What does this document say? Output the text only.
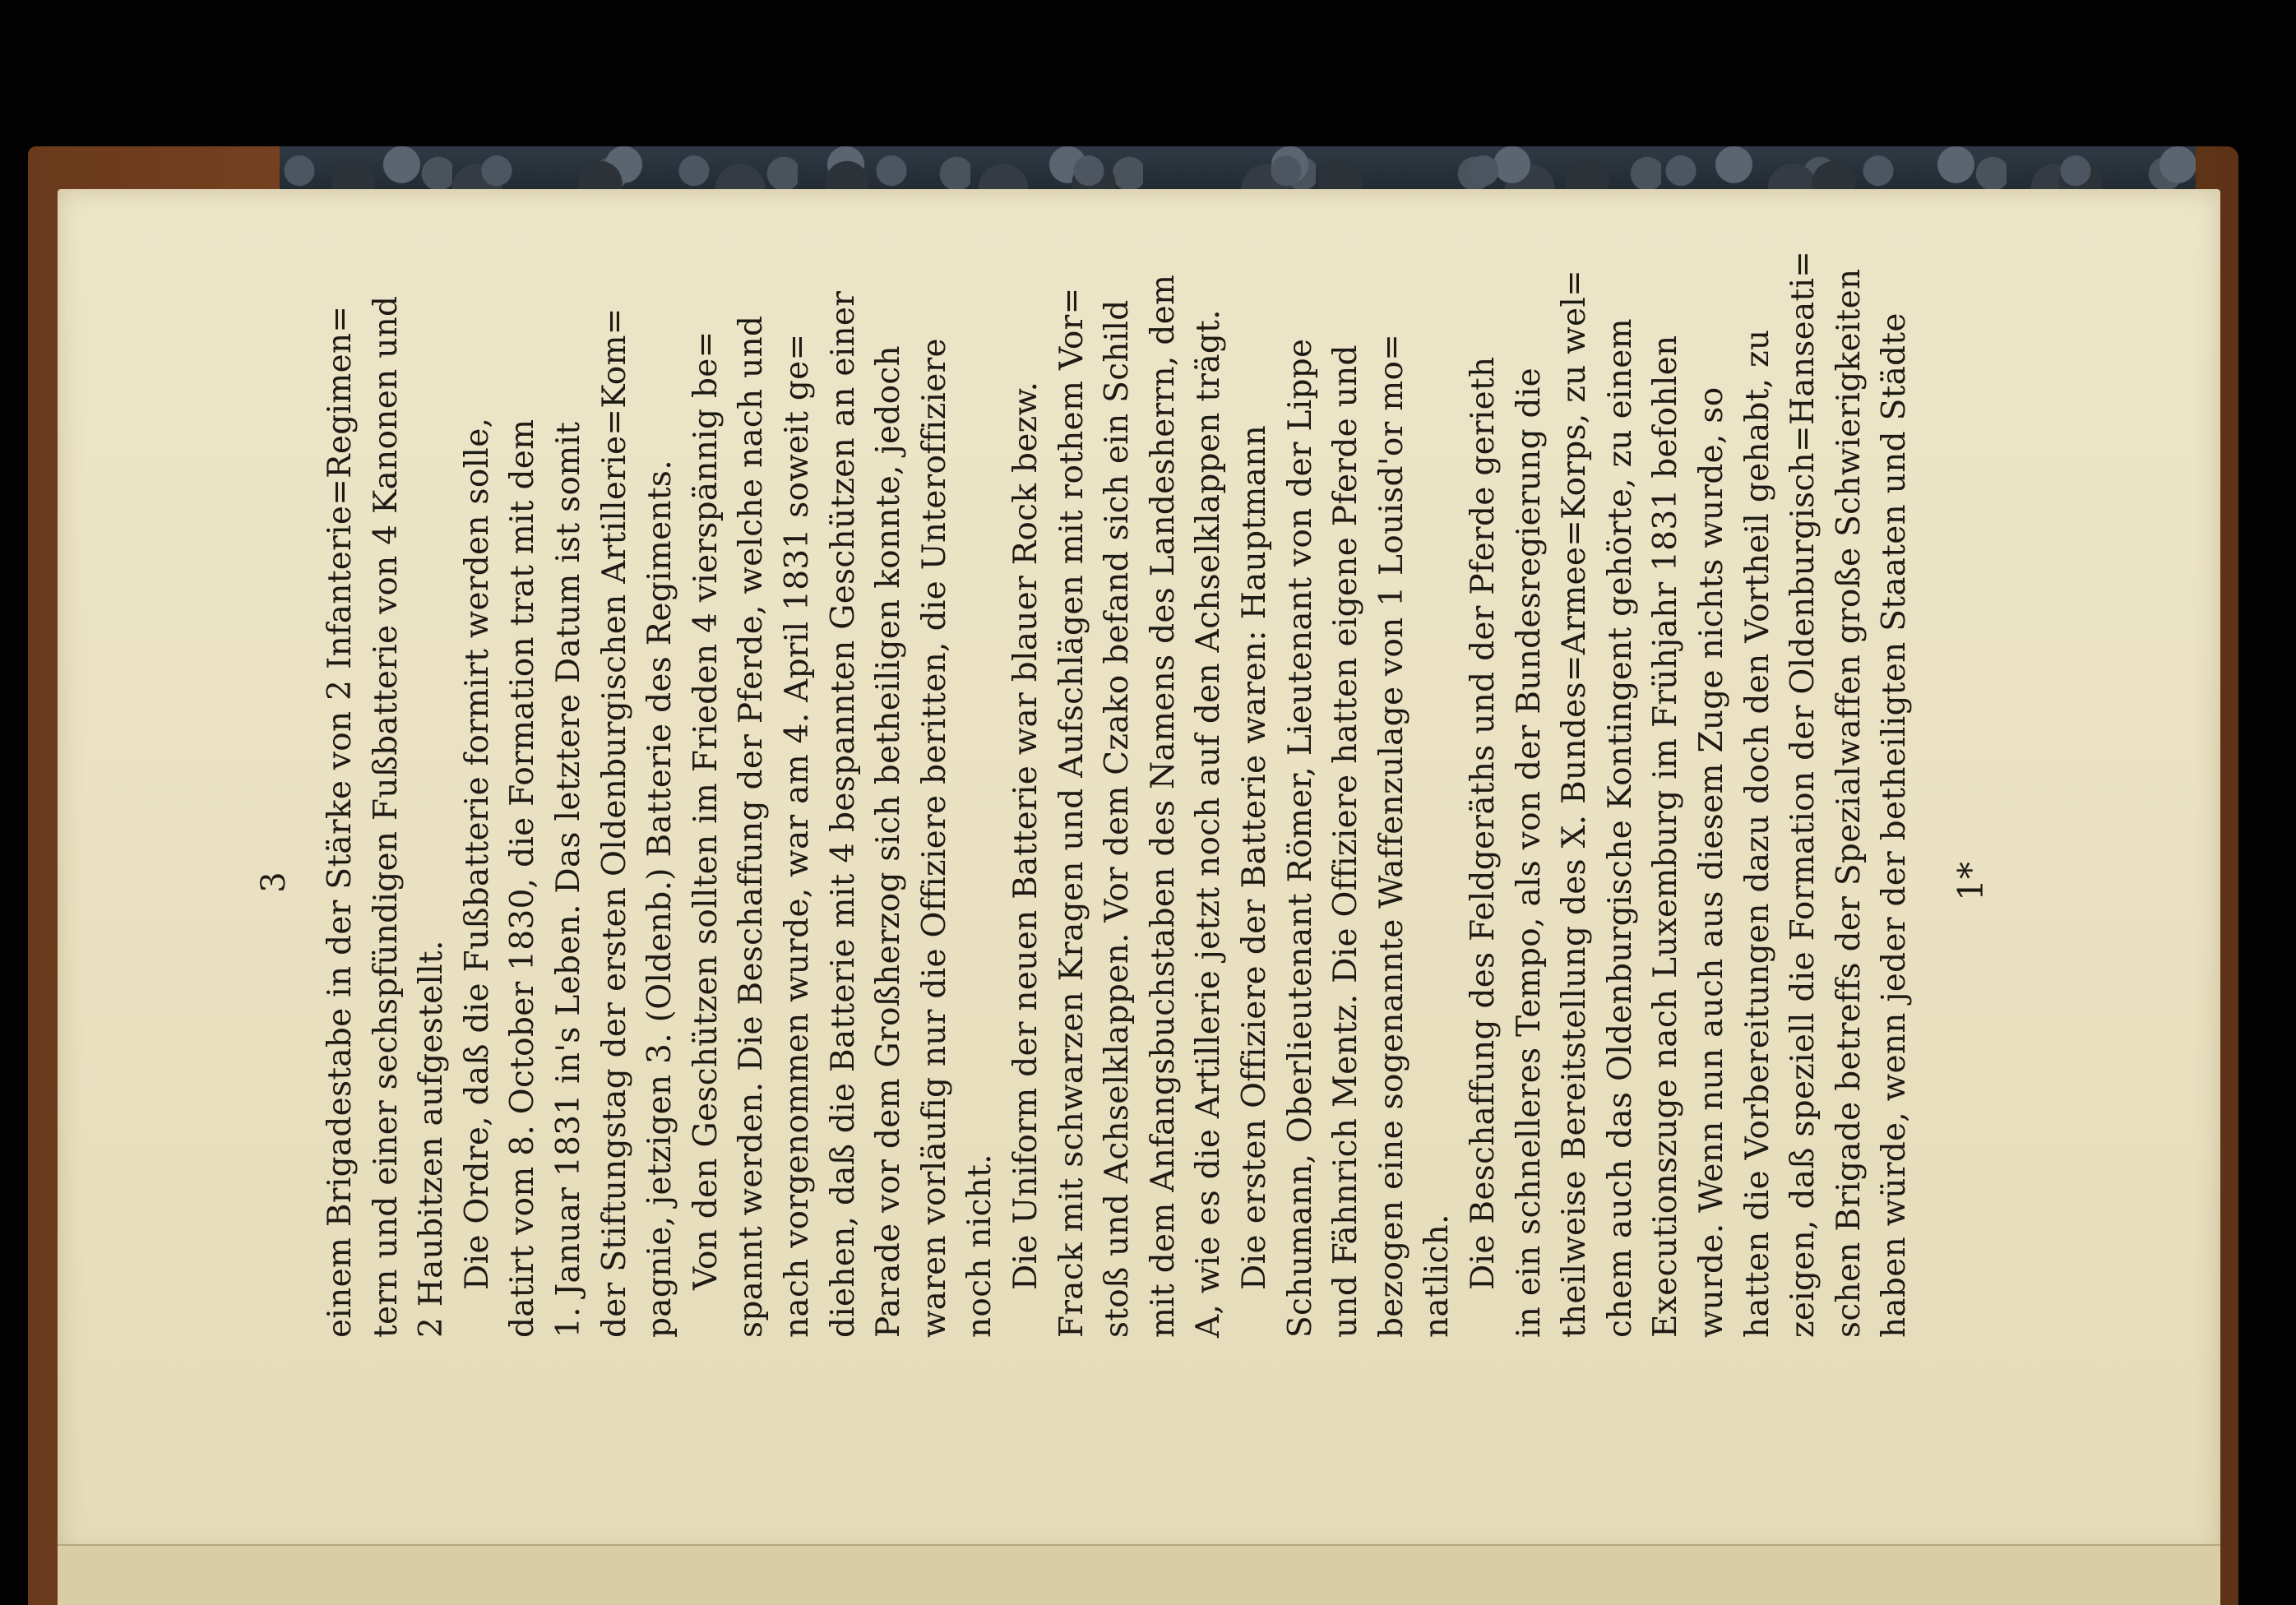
3 einem Brigadestabe in der Stärke von 2 Infanterie=Regimen= tern und einer sechspfündigen Fußbatterie von 4 Kanonen und 2 Haubitzen aufgestellt. Die Ordre, daß die Fußbatterie formirt werden solle, datirt vom 8. October 1830, die Formation trat mit dem 1. Januar 1831 in's Leben. Das letztere Datum ist somit der Stiftungstag der ersten Oldenburgischen Artillerie=Kom= pagnie, jetzigen 3. (Oldenb.) Batterie des Regiments. Von den Geschützen sollten im Frieden 4 vierspännig be= spannt werden. Die Beschaffung der Pferde, welche nach und nach vorgenommen wurde, war am 4. April 1831 soweit ge= diehen, daß die Batterie mit 4 bespannten Geschützen an einer Parade vor dem Großherzog sich betheiligen konnte, jedoch waren vorläufig nur die Offiziere beritten, die Unteroffiziere noch nicht. Die Uniform der neuen Batterie war blauer Rock bezw. Frack mit schwarzen Kragen und Aufschlägen mit rothem Vor= stoß und Achselklappen. Vor dem Czako befand sich ein Schild mit dem Anfangsbuchstaben des Namens des Landesherrn, dem A, wie es die Artillerie jetzt noch auf den Achselklappen trägt. Die ersten Offiziere der Batterie waren: Hauptmann Schumann, Oberlieutenant Römer, Lieutenant von der Lippe und Fähnrich Mentz. Die Offiziere hatten eigene Pferde und bezogen eine sogenannte Waffenzulage von 1 Louisd'or mo= natlich. Die Beschaffung des Feldgeräths und der Pferde gerieth in ein schnelleres Tempo, als von der Bundesregierung die theilweise Bereitstellung des X. Bundes=Armee=Korps, zu wel= chem auch das Oldenburgische Kontingent gehörte, zu einem Executionszuge nach Luxemburg im Frühjahr 1831 befohlen wurde. Wenn nun auch aus diesem Zuge nichts wurde, so hatten die Vorbereitungen dazu doch den Vortheil gehabt, zu zeigen, daß speziell die Formation der Oldenburgisch=Hanseati= schen Brigade betreffs der Spezialwaffen große Schwierigkeiten haben würde, wenn jeder der betheiligten Staaten und Städte 1*
